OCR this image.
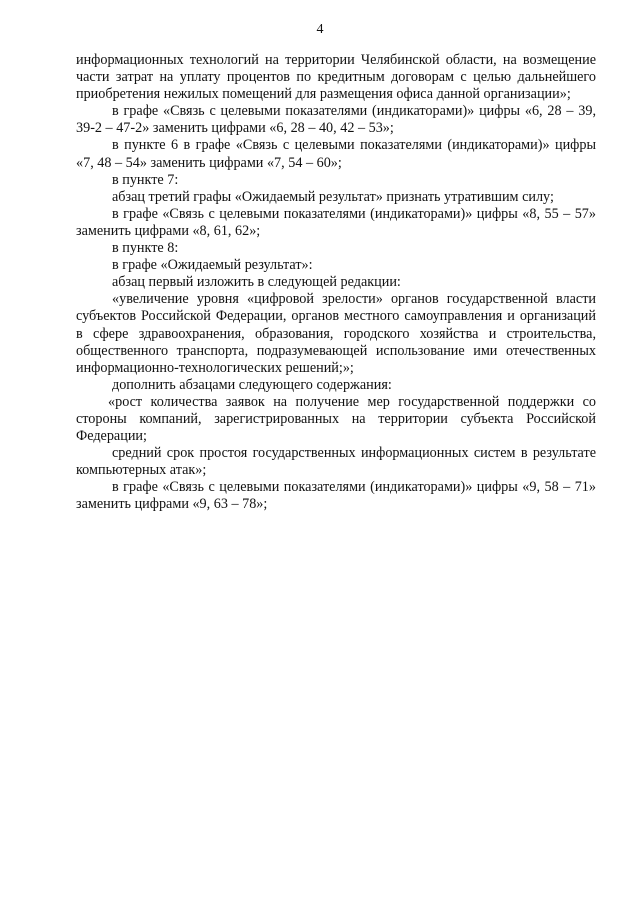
4

информационных технологий на территории Челябинской области, на возмещение части затрат на уплату процентов по кредитным договорам с целью дальнейшего приобретения нежилых помещений для размещения офиса данной организации»;

в графе «Связь с целевыми показателями (индикаторами)» цифры «6, 28 – 39, 39-2 – 47-2» заменить цифрами «6, 28 – 40, 42 – 53»;

в пункте 6 в графе «Связь с целевыми показателями (индикаторами)» цифры «7, 48 – 54» заменить цифрами «7, 54 – 60»;

в пункте 7:

абзац третий графы «Ожидаемый результат» признать утратившим силу;

в графе «Связь с целевыми показателями (индикаторами)» цифры «8, 55 – 57» заменить цифрами «8, 61, 62»;

в пункте 8:

в графе «Ожидаемый результат»:

абзац первый изложить в следующей редакции:

«увеличение уровня «цифровой зрелости» органов государственной власти субъектов Российской Федерации, органов местного самоуправления и организаций в сфере здравоохранения, образования, городского хозяйства и строительства, общественного транспорта, подразумевающей использование ими отечественных информационно-технологических решений;»;

дополнить абзацами следующего содержания:

«рост количества заявок на получение мер государственной поддержки со стороны компаний, зарегистрированных на территории субъекта Российской Федерации;

средний срок простоя государственных информационных систем в результате компьютерных атак»;

в графе «Связь с целевыми показателями (индикаторами)» цифры «9, 58 – 71» заменить цифрами «9, 63 – 78»;
